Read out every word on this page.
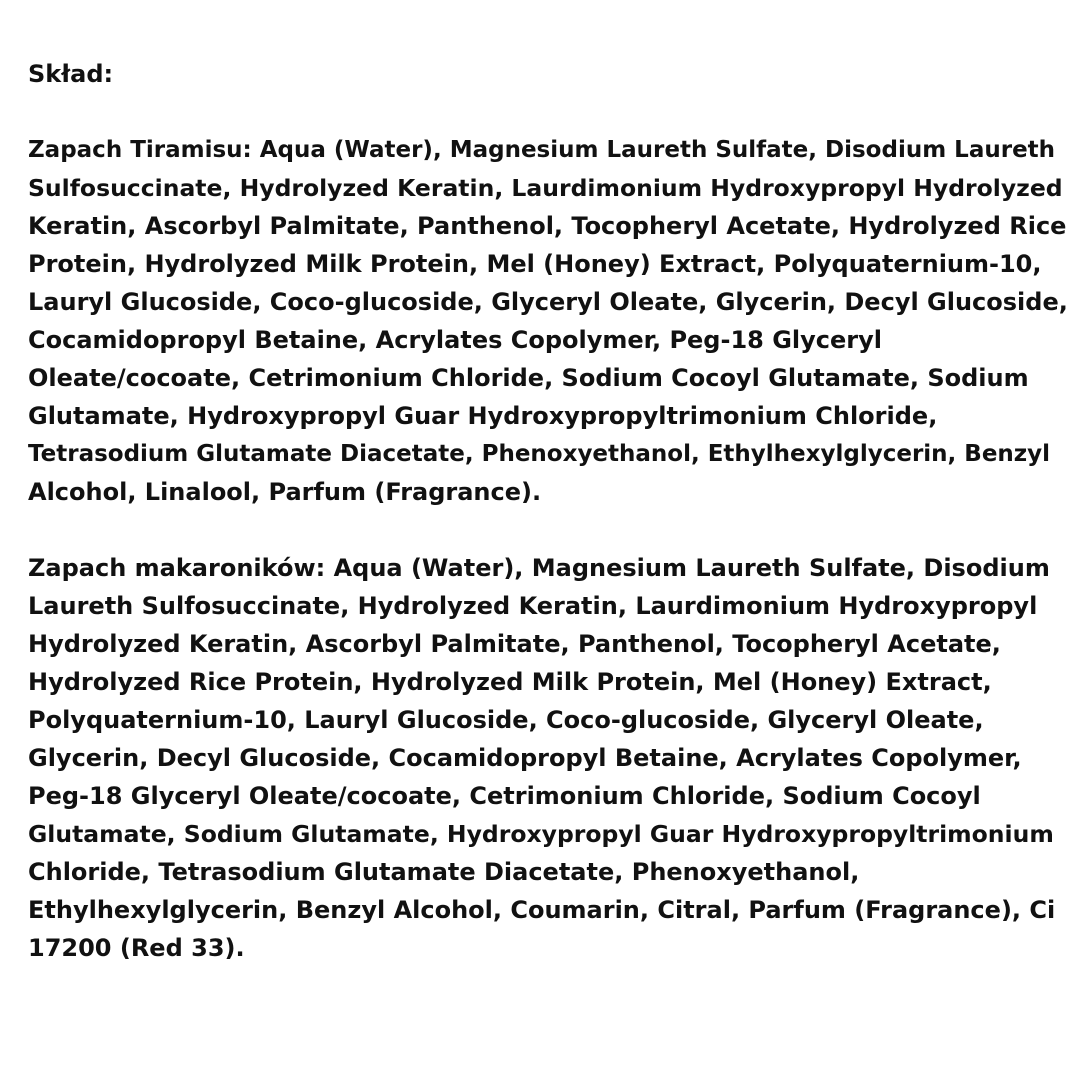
Skład:
Zapach Tiramisu: Aqua (Water), Magnesium Laureth Sulfate, Disodium Laureth
Sulfosuccinate, Hydrolyzed Keratin, Laurdimonium Hydroxypropyl Hydrolyzed
Keratin, Ascorbyl Palmitate, Panthenol, Tocopheryl Acetate, Hydrolyzed Rice
Protein, Hydrolyzed Milk Protein, Mel (Honey) Extract, Polyquaternium-10,
Lauryl Glucoside, Coco-glucoside, Glyceryl Oleate, Glycerin, Decyl Glucoside,
Cocamidopropyl Betaine, Acrylates Copolymer, Peg-18 Glyceryl
Oleate/cocoate, Cetrimonium Chloride, Sodium Cocoyl Glutamate, Sodium
Glutamate, Hydroxypropyl Guar Hydroxypropyltrimonium Chloride,
Tetrasodium Glutamate Diacetate, Phenoxyethanol, Ethylhexylglycerin, Benzyl
Alcohol, Linalool, Parfum (Fragrance).
Zapach makaroników: Aqua (Water), Magnesium Laureth Sulfate, Disodium
Laureth Sulfosuccinate, Hydrolyzed Keratin, Laurdimonium Hydroxypropyl
Hydrolyzed Keratin, Ascorbyl Palmitate, Panthenol, Tocopheryl Acetate,
Hydrolyzed Rice Protein, Hydrolyzed Milk Protein, Mel (Honey) Extract,
Polyquaternium-10, Lauryl Glucoside, Coco-glucoside, Glyceryl Oleate,
Glycerin, Decyl Glucoside, Cocamidopropyl Betaine, Acrylates Copolymer,
Peg-18 Glyceryl Oleate/cocoate, Cetrimonium Chloride, Sodium Cocoyl
Glutamate, Sodium Glutamate, Hydroxypropyl Guar Hydroxypropyltrimonium
Chloride, Tetrasodium Glutamate Diacetate, Phenoxyethanol,
Ethylhexylglycerin, Benzyl Alcohol, Coumarin, Citral, Parfum (Fragrance), Ci
17200 (Red 33).
